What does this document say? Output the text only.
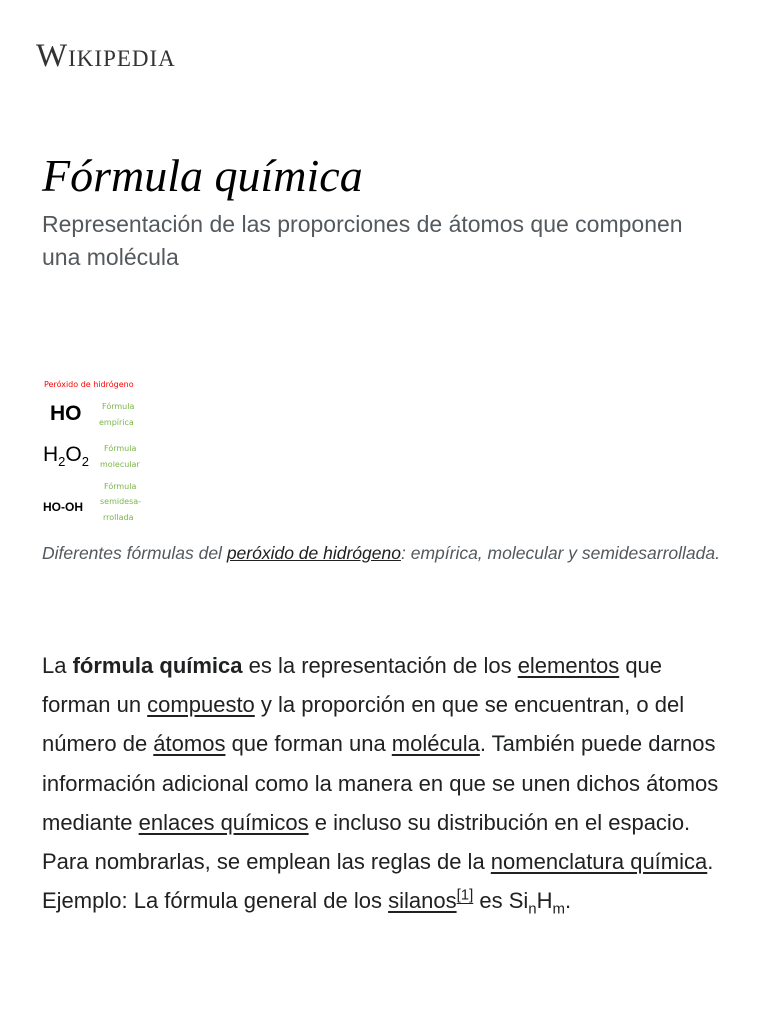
Wikipedia
Fórmula química

Representación de las proporciones de átomos que componen una molécula

Peróxido de hidrógeno
HO	Fórmula
empírica
$H_2O_2$
Fórmula
molecular
HO-OH
Fórmula
semidesa-
rrollada

Diferentes fórmulas del peróxido de hidrógeno: empírica, molecular y semidesarrollada.

La fórmula química es la representación de los elementos que forman un compuesto y la proporción en que se encuentran, o del número de átomos que forman una molécula. También puede darnos información adicional como la manera en que se unen dichos átomos mediante enlaces químicos e incluso su distribución en el espacio. Para nombrarlas, se emplean las reglas de la nomenclatura química. Ejemplo: La fórmula general de los silanos[1] es $Si_nH_m$.
